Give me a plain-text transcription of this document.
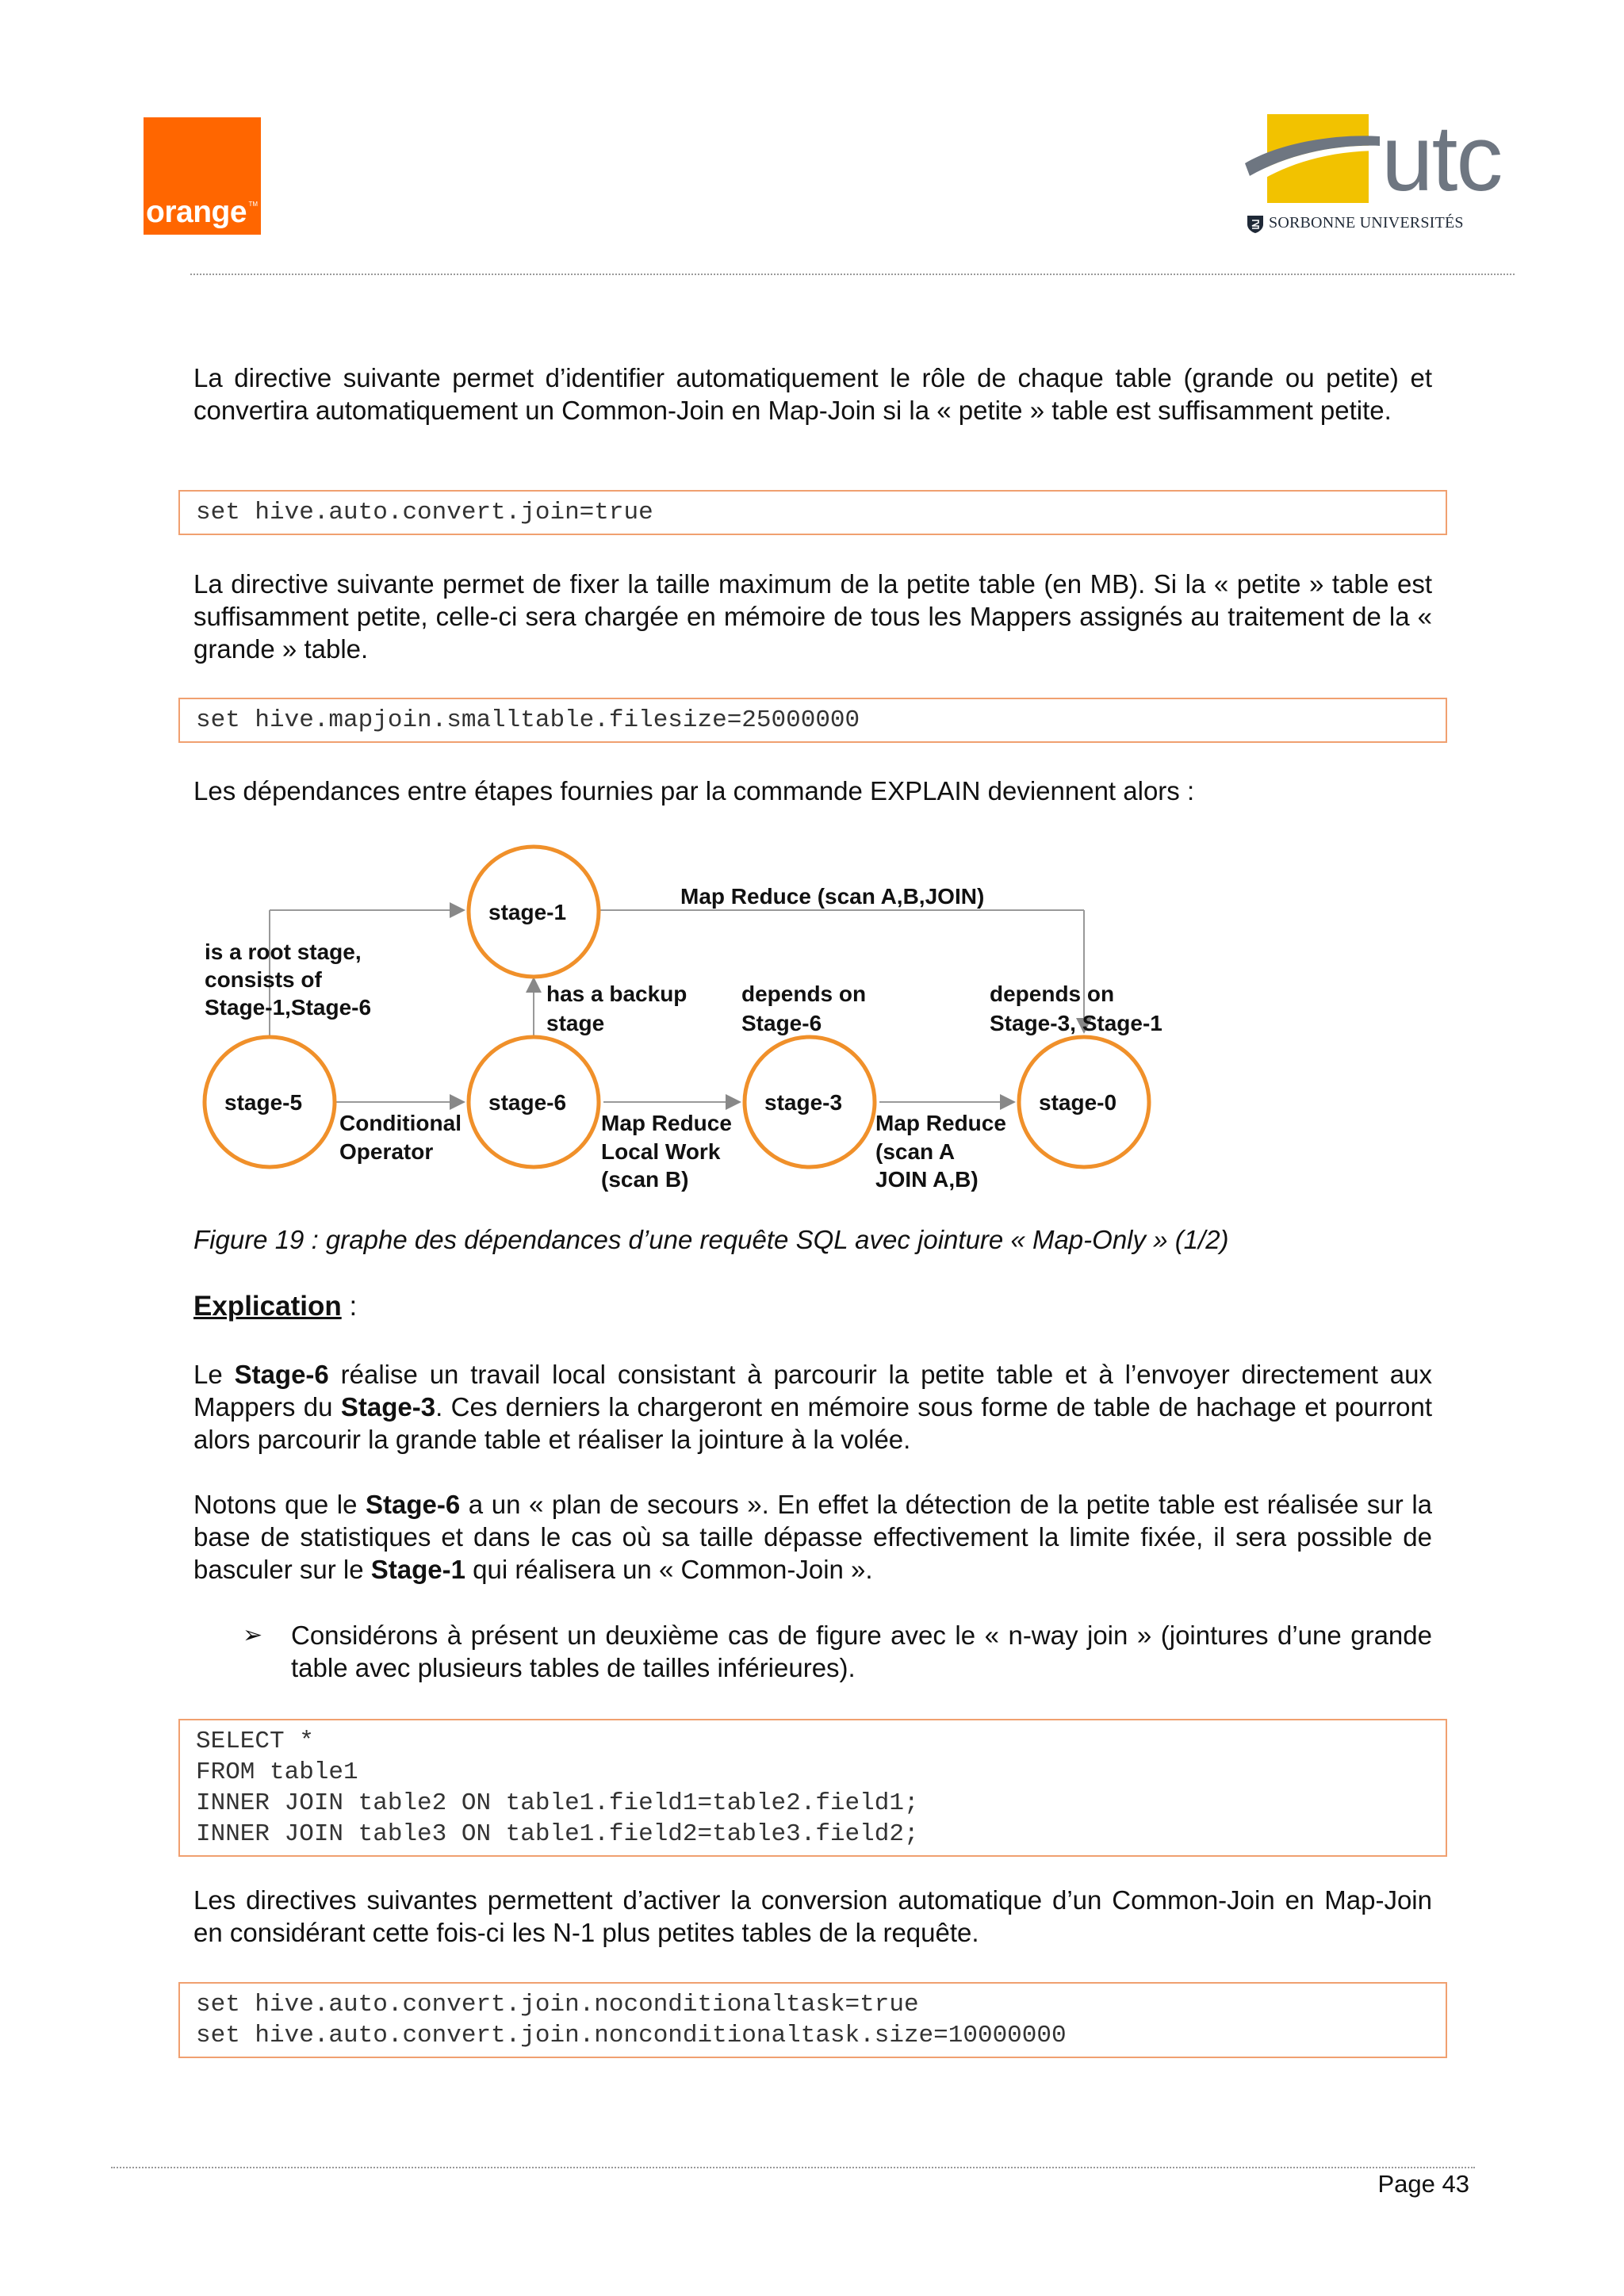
orange TM	utc
SORBONNE UNIVERSITÉS
La directive suivante permet d’identifier automatiquement le rôle de chaque table (grande ou petite) et convertira automatiquement un Common-Join en Map-Join si la « petite » table est suffisamment petite.
set hive.auto.convert.join=true
La directive suivante permet de fixer la taille maximum de la petite table (en MB). Si la « petite » table est suffisamment petite, celle-ci sera chargée en mémoire de tous les Mappers assignés au traitement de la « grande » table.
set hive.mapjoin.smalltable.filesize=25000000
Les dépendances entre étapes fournies par la commande EXPLAIN deviennent alors :
stage-1
stage-5	stage-6	stage-3	stage-0
Map Reduce (scan A,B,JOIN)
is a root stage,
consists of
Stage-1,Stage-6
has a backup
stage
depends on
Stage-6
depends on
Stage-3, Stage-1
Conditional
Operator
Map Reduce
Local Work
(scan B)
Map Reduce
(scan A
JOIN A,B)
Figure 19 : graphe des dépendances d’une requête SQL avec jointure « Map-Only » (1/2)
Explication :
Le Stage-6 réalise un travail local consistant à parcourir la petite table et à l’envoyer directement aux Mappers du Stage-3. Ces derniers la chargeront en mémoire sous forme de table de hachage et pourront alors parcourir la grande table et réaliser la jointure à la volée.
Notons que le Stage-6 a un « plan de secours ». En effet la détection de la petite table est réalisée sur la base de statistiques et dans le cas où sa taille dépasse effectivement la limite fixée, il sera possible de basculer sur le Stage-1 qui réalisera un « Common-Join ».
➢ Considérons à présent un deuxième cas de figure avec le « n-way join » (jointures d’une grande table avec plusieurs tables de tailles inférieures).
SELECT *
FROM table1
INNER JOIN table2 ON table1.field1=table2.field1;
INNER JOIN table3 ON table1.field2=table3.field2;
Les directives suivantes permettent d’activer la conversion automatique d’un Common-Join en Map-Join en considérant cette fois-ci les N-1 plus petites tables de la requête.
set hive.auto.convert.join.noconditionaltask=true
set hive.auto.convert.join.nonconditionaltask.size=10000000
Page 43
